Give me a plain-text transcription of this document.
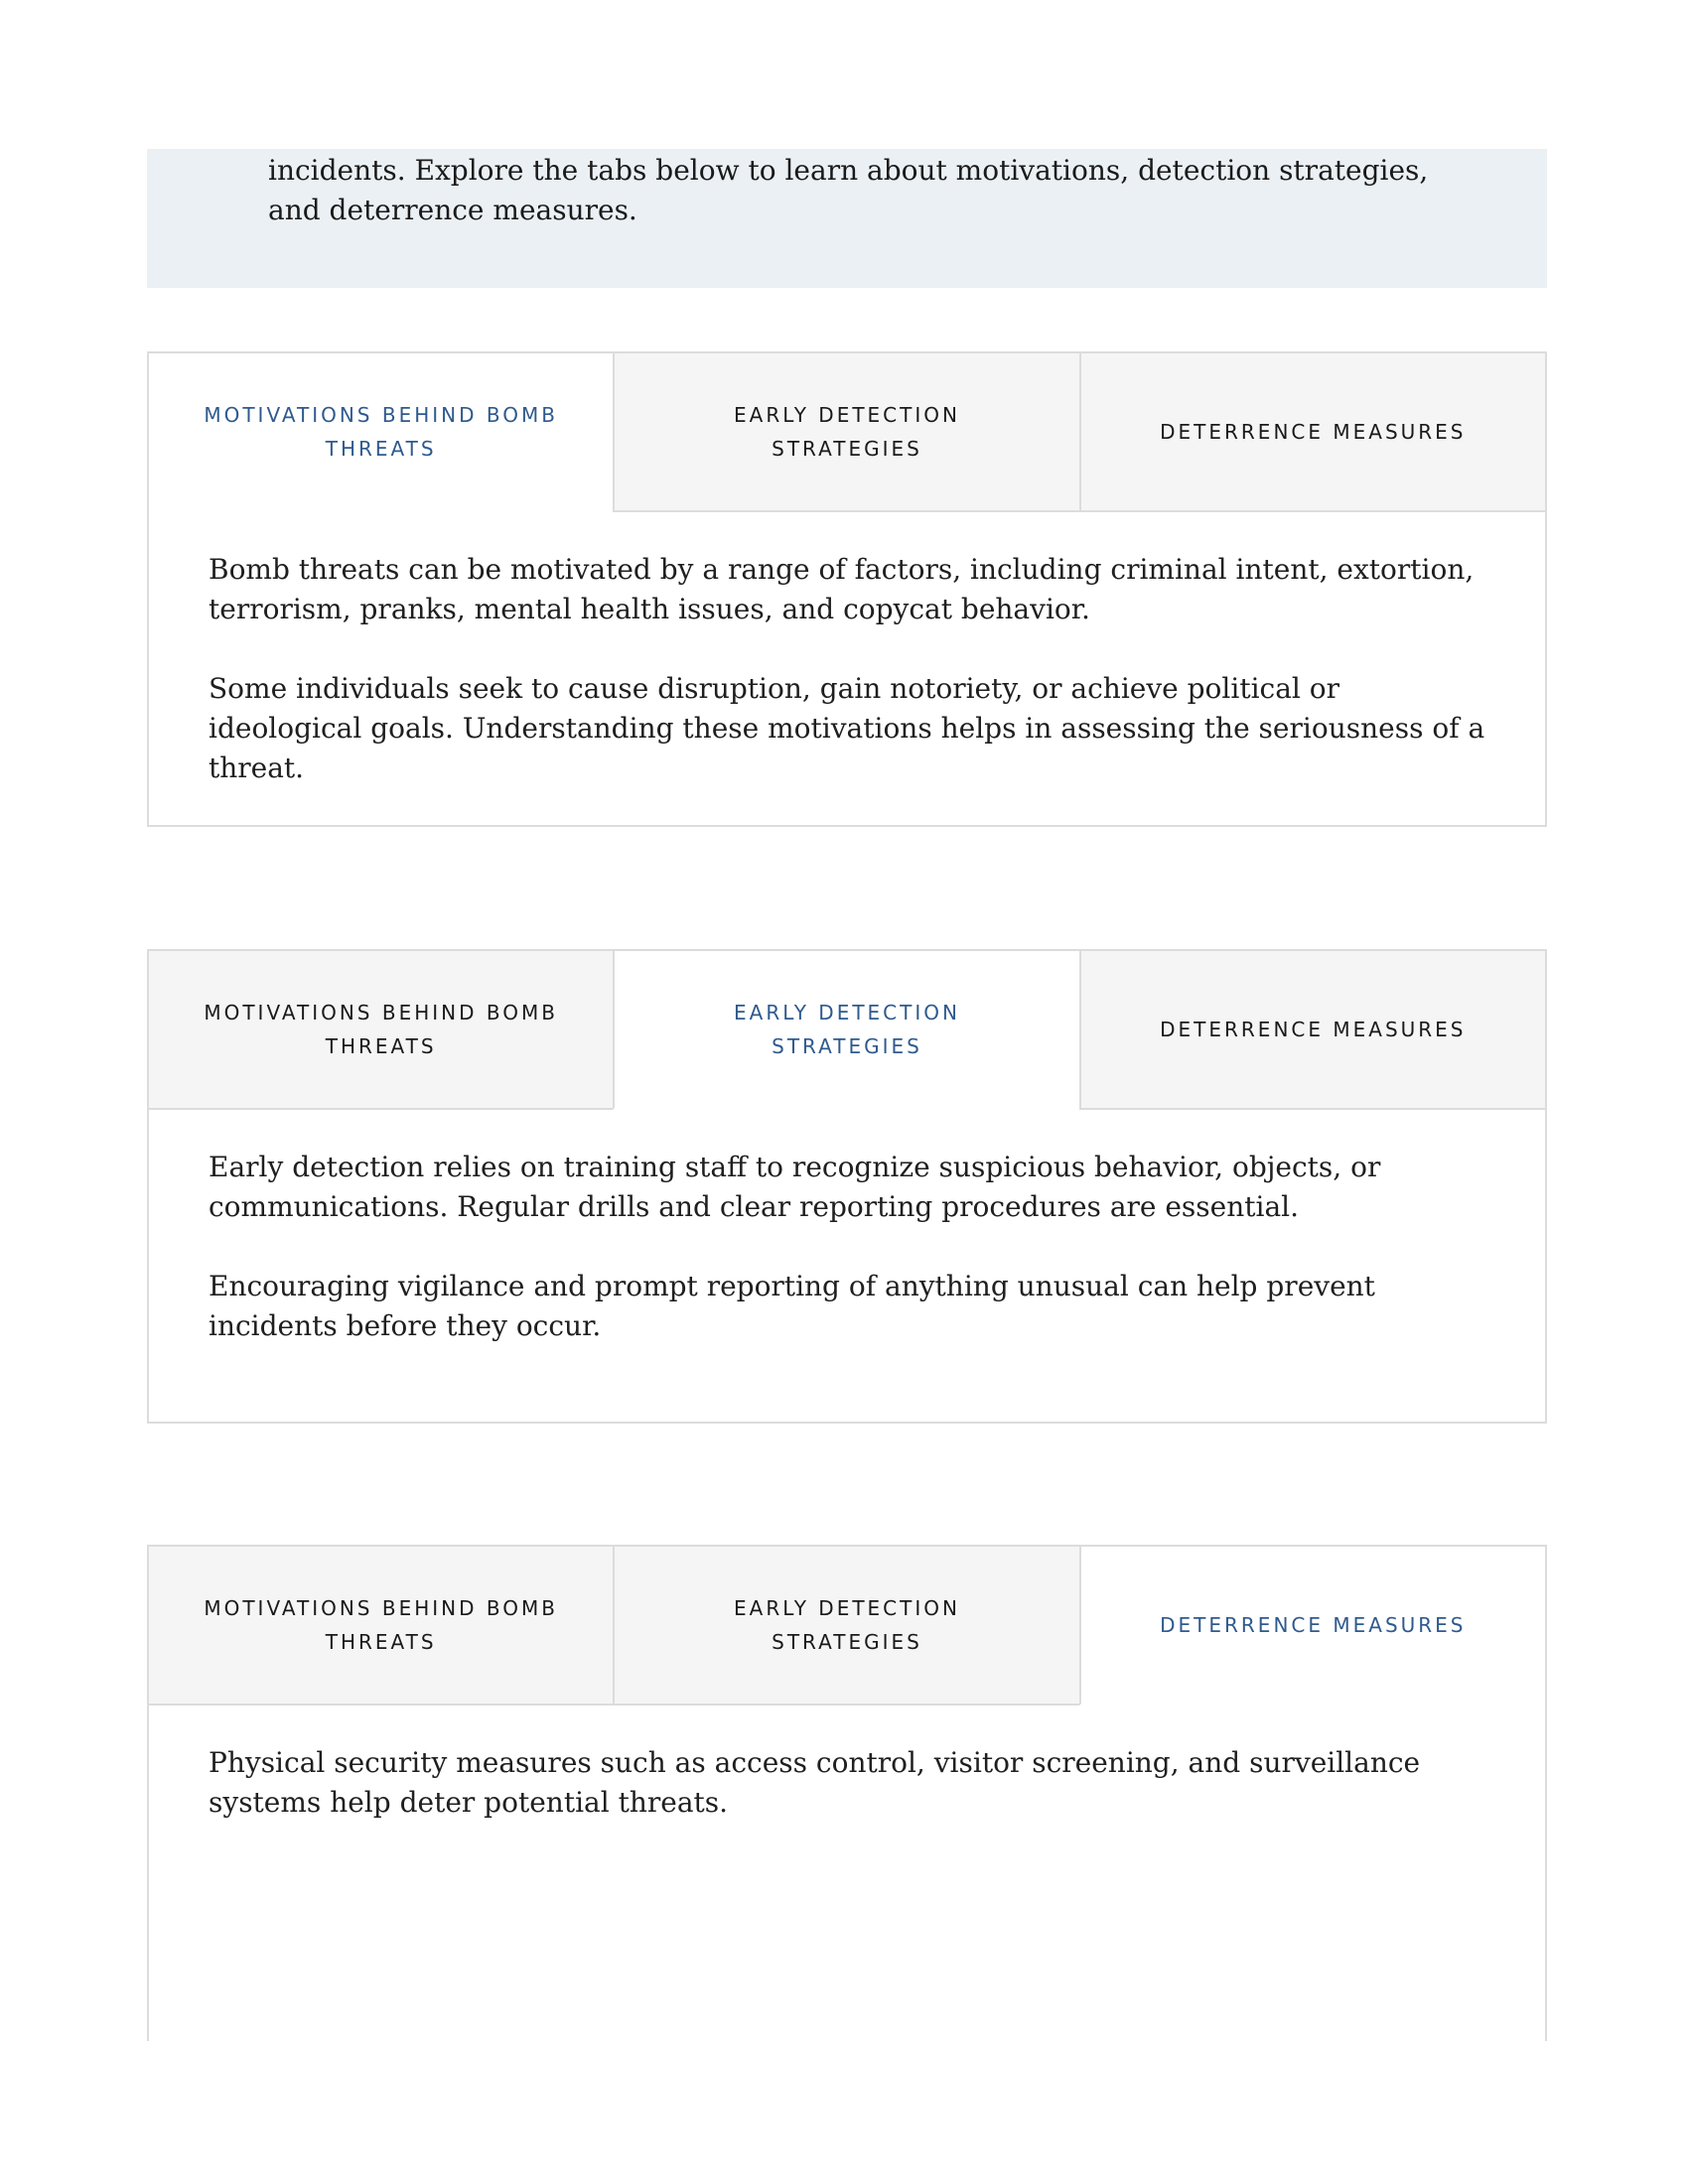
incidents. Explore the tabs below to learn about motivations, detection strategies, and deterrence measures.

MOTIVATIONS BEHIND BOMB THREATS
EARLY DETECTION STRATEGIES
DETERRENCE MEASURES

Bomb threats can be motivated by a range of factors, including criminal intent, extortion, terrorism, pranks, mental health issues, and copycat behavior.

Some individuals seek to cause disruption, gain notoriety, or achieve political or ideological goals. Understanding these motivations helps in assessing the seriousness of a threat.

MOTIVATIONS BEHIND BOMB THREATS
EARLY DETECTION STRATEGIES
DETERRENCE MEASURES

Early detection relies on training staff to recognize suspicious behavior, objects, or communications. Regular drills and clear reporting procedures are essential.

Encouraging vigilance and prompt reporting of anything unusual can help prevent incidents before they occur.

MOTIVATIONS BEHIND BOMB THREATS
EARLY DETECTION STRATEGIES
DETERRENCE MEASURES

Physical security measures such as access control, visitor screening, and surveillance systems help deter potential threats.
